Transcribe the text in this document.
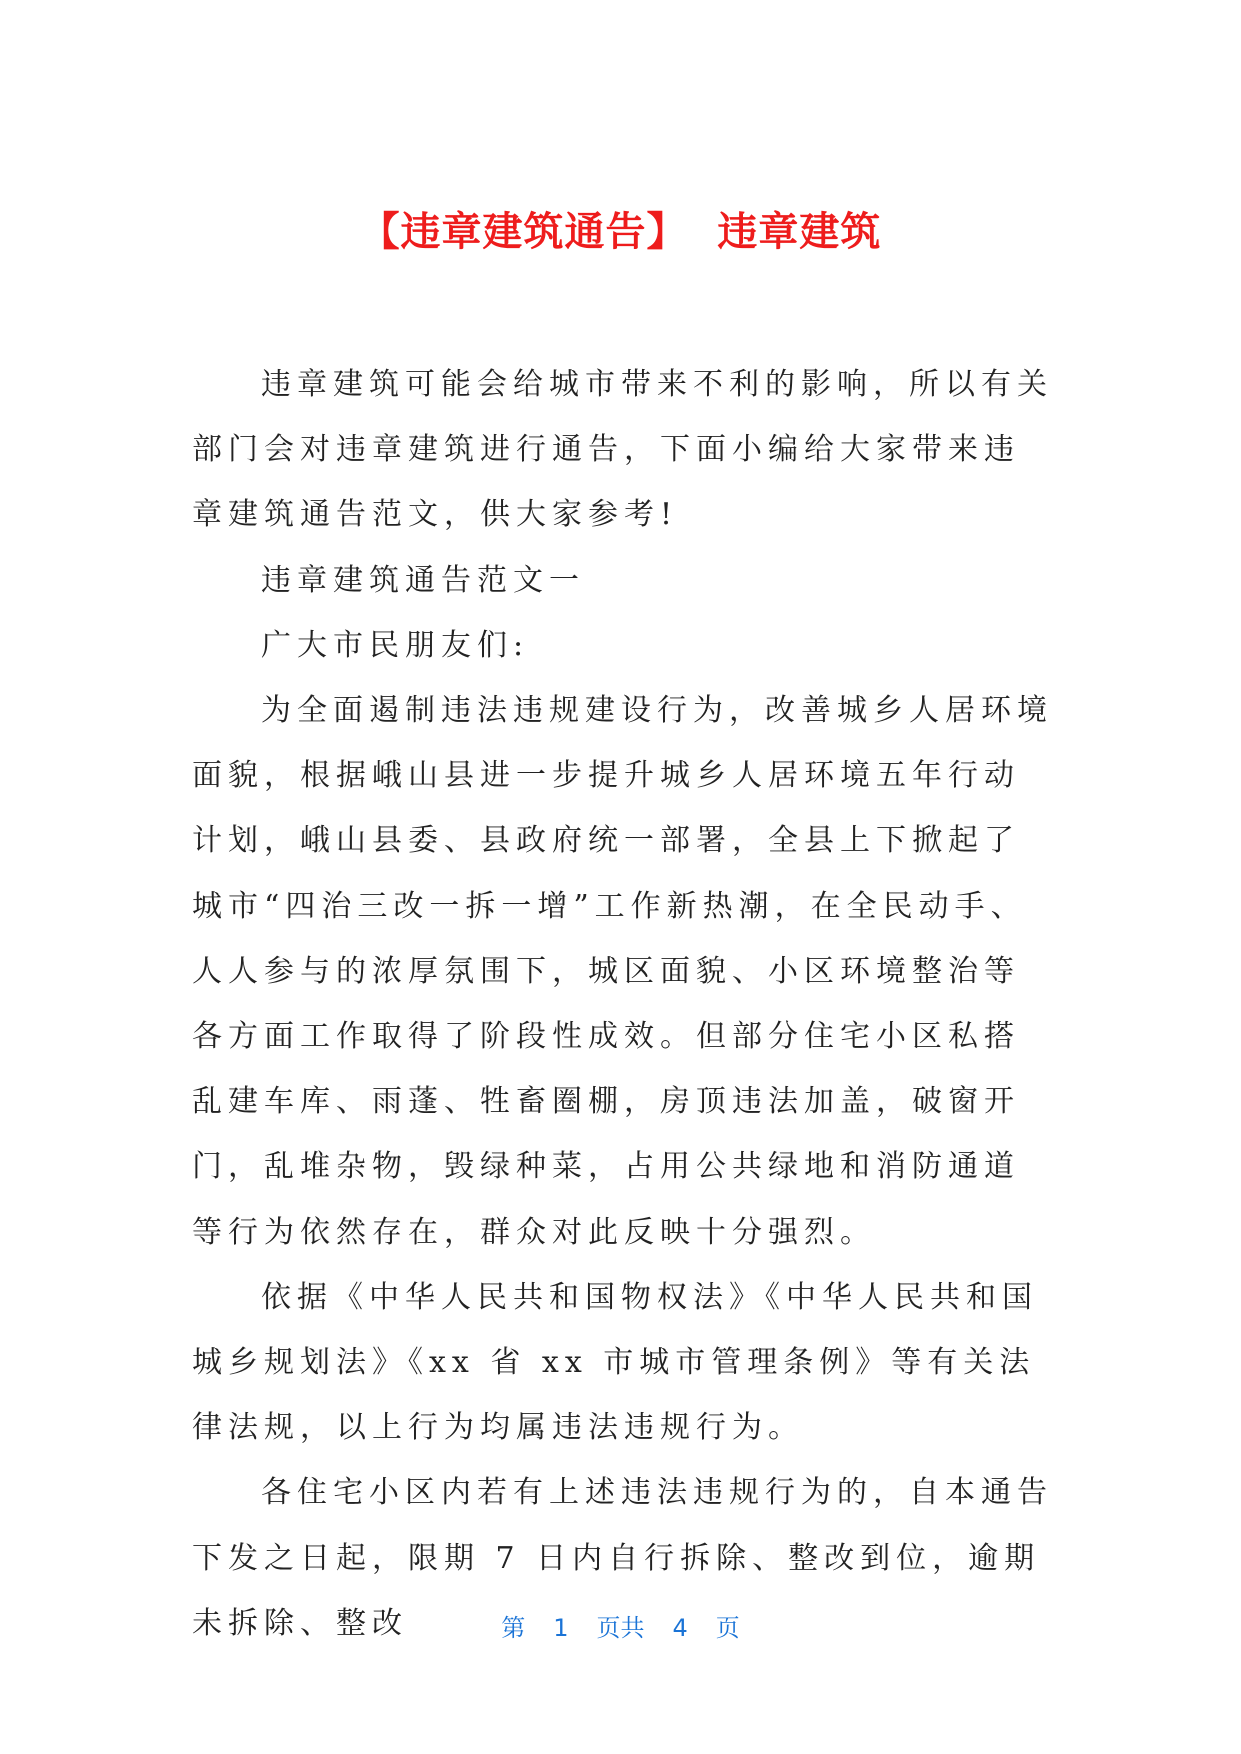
【违章建筑通告】  违章建筑

违章建筑可能会给城市带来不利的影响，所以有关部门会对违章建筑进行通告，下面小编给大家带来违章建筑通告范文，供大家参考!

违章建筑通告范文一

广大市民朋友们:

为全面遏制违法违规建设行为，改善城乡人居环境面貌，根据峨山县进一步提升城乡人居环境五年行动计划，峨山县委、县政府统一部署，全县上下掀起了城市“四治三改一拆一增”工作新热潮，在全民动手、人人参与的浓厚氛围下，城区面貌、小区环境整治等各方面工作取得了阶段性成效。但部分住宅小区私搭乱建车库、雨蓬、牲畜圈棚，房顶违法加盖，破窗开门，乱堆杂物，毁绿种菜，占用公共绿地和消防通道等行为依然存在，群众对此反映十分强烈。

依据《中华人民共和国物权法》《中华人民共和国城乡规划法》《xx 省 xx 市城市管理条例》等有关法律法规，以上行为均属违法违规行为。

各住宅小区内若有上述违法违规行为的，自本通告下发之日起，限期 7 日内自行拆除、整改到位，逾期未拆除、整改	第 1 页共 4 页
